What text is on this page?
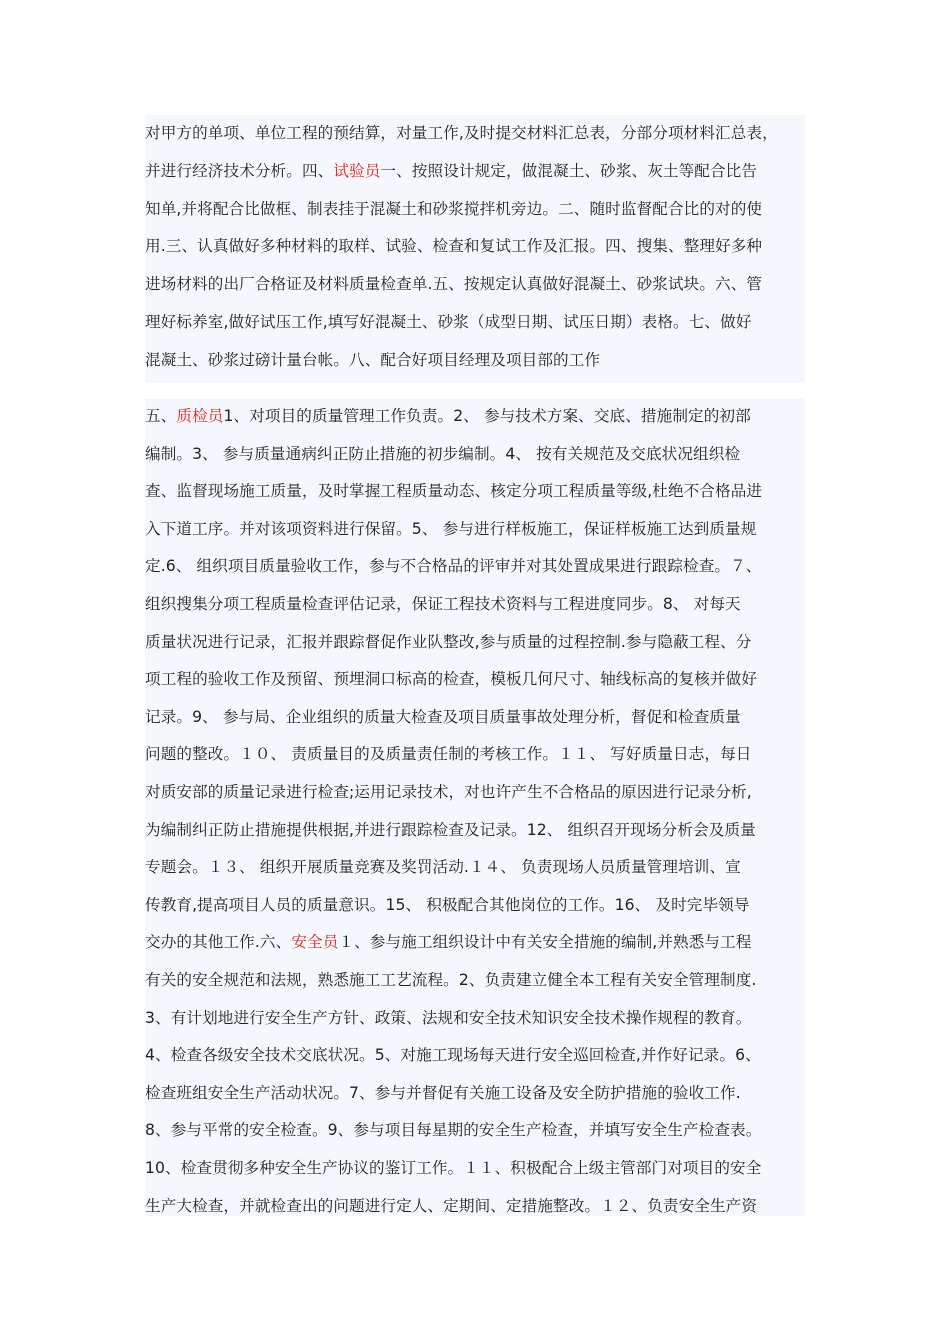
对甲方的单项、单位工程的预结算，对量工作,及时提交材料汇总表，分部分项材料汇总表，
并进行经济技术分析。四、试验员一、按照设计规定，做混凝土、砂浆、灰土等配合比告
知单,并将配合比做框、制表挂于混凝土和砂浆搅拌机旁边。二、随时监督配合比的对的使
用.三、认真做好多种材料的取样、试验、检查和复试工作及汇报。四、搜集、整理好多种
进场材料的出厂合格证及材料质量检查单.五、按规定认真做好混凝土、砂浆试块。六、管
理好标养室,做好试压工作,填写好混凝土、砂浆（成型日期、试压日期）表格。七、做好
混凝土、砂浆过磅计量台帐。八、配合好项目经理及项目部的工作
五、质检员1、对项目的质量管理工作负责。2、 参与技术方案、交底、措施制定的初部
编制。3、 参与质量通病纠正防止措施的初步编制。4、 按有关规范及交底状况组织检
查、监督现场施工质量，及时掌握工程质量动态、核定分项工程质量等级,杜绝不合格品进
入下道工序。并对该项资料进行保留。5、 参与进行样板施工，保证样板施工达到质量规
定.6、 组织项目质量验收工作，参与不合格品的评审并对其处置成果进行跟踪检查。７、
组织搜集分项工程质量检查评估记录，保证工程技术资料与工程进度同步。8、 对每天
质量状况进行记录，汇报并跟踪督促作业队整改,参与质量的过程控制.参与隐蔽工程、分
项工程的验收工作及预留、预埋洞口标高的检查，模板几何尺寸、轴线标高的复核并做好
记录。9、 参与局、企业组织的质量大检查及项目质量事故处理分析，督促和检查质量
问题的整改。１０、 责质量目的及质量责任制的考核工作。１１、 写好质量日志，每日
对质安部的质量记录进行检查;运用记录技术，对也许产生不合格品的原因进行记录分析,
为编制纠正防止措施提供根据,并进行跟踪检查及记录。12、 组织召开现场分析会及质量
专题会。１３、 组织开展质量竞赛及奖罚活动.１４、 负责现场人员质量管理培训、宣
传教育,提高项目人员的质量意识。15、 积极配合其他岗位的工作。16、 及时完毕领导
交办的其他工作.六、安全员１、参与施工组织设计中有关安全措施的编制,并熟悉与工程
有关的安全规范和法规，熟悉施工工艺流程。2、负责建立健全本工程有关安全管理制度.
3、有计划地进行安全生产方针、政策、法规和安全技术知识安全技术操作规程的教育。
4、检查各级安全技术交底状况。5、对施工现场每天进行安全巡回检查,并作好记录。6、
检查班组安全生产活动状况。7、参与并督促有关施工设备及安全防护措施的验收工作.
8、参与平常的安全检查。9、参与项目每星期的安全生产检查，并填写安全生产检查表。
10、检查贯彻多种安全生产协议的鉴订工作。１１、积极配合上级主管部门对项目的安全
生产大检查，并就检查出的问题进行定人、定期间、定措施整改。１２、负责安全生产资
